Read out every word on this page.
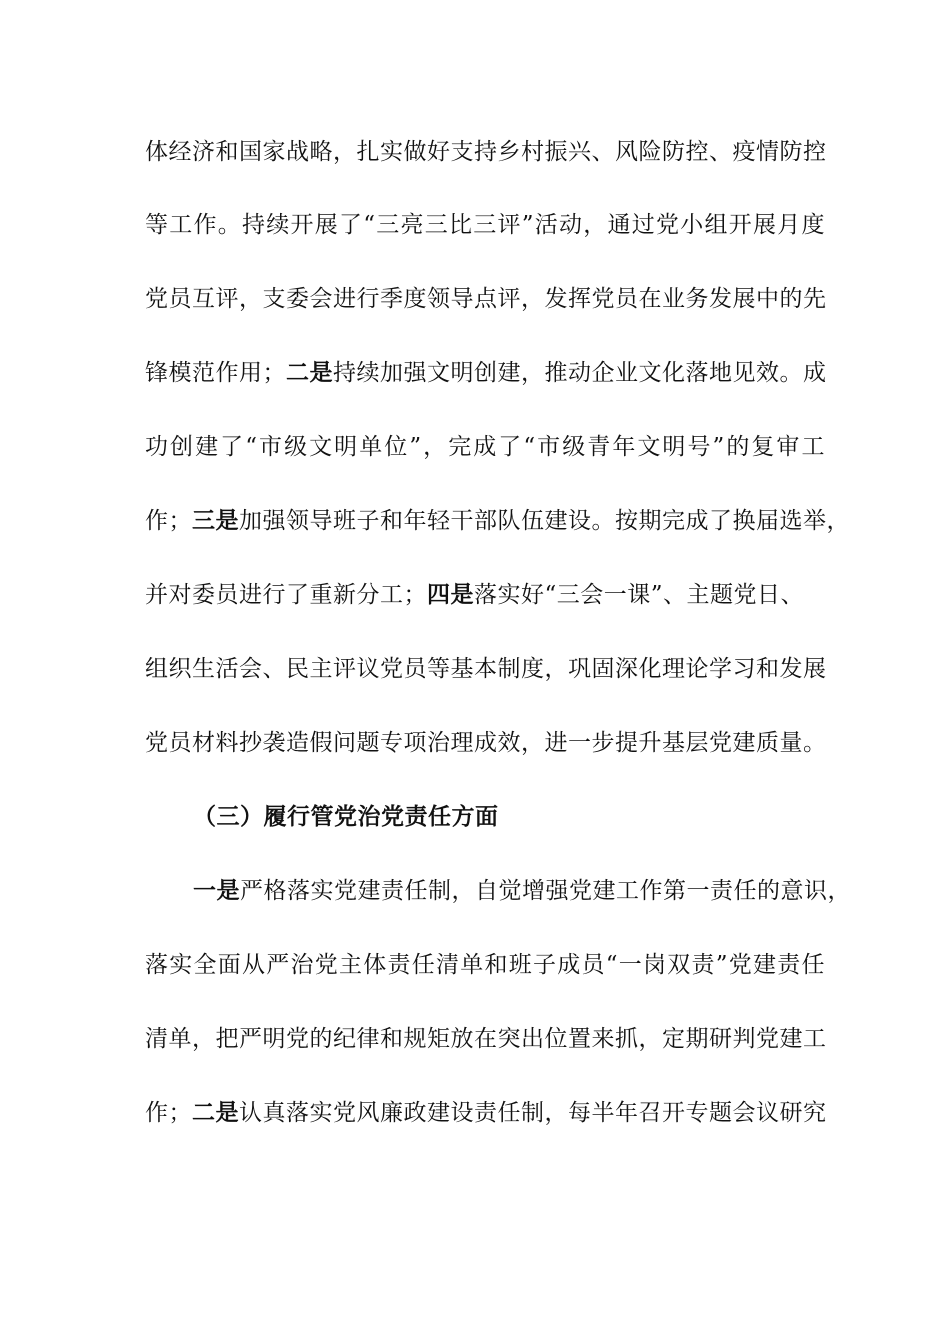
体经济和国家战略，扎实做好支持乡村振兴、风险防控、疫情防控
等工作。持续开展了“三亮三比三评”活动，通过党小组开展月度
党员互评，支委会进行季度领导点评，发挥党员在业务发展中的先
锋模范作用；二是持续加强文明创建，推动企业文化落地见效。成
功创建了“市级文明单位”，完成了“市级青年文明号”的复审工
作；三是加强领导班子和年轻干部队伍建设。按期完成了换届选举，
并对委员进行了重新分工；四是落实好“三会一课”、主题党日、
组织生活会、民主评议党员等基本制度，巩固深化理论学习和发展
党员材料抄袭造假问题专项治理成效，进一步提升基层党建质量。
（三）履行管党治党责任方面
一是严格落实党建责任制，自觉增强党建工作第一责任的意识，
落实全面从严治党主体责任清单和班子成员“一岗双责”党建责任
清单，把严明党的纪律和规矩放在突出位置来抓，定期研判党建工
作；二是认真落实党风廉政建设责任制，每半年召开专题会议研究
